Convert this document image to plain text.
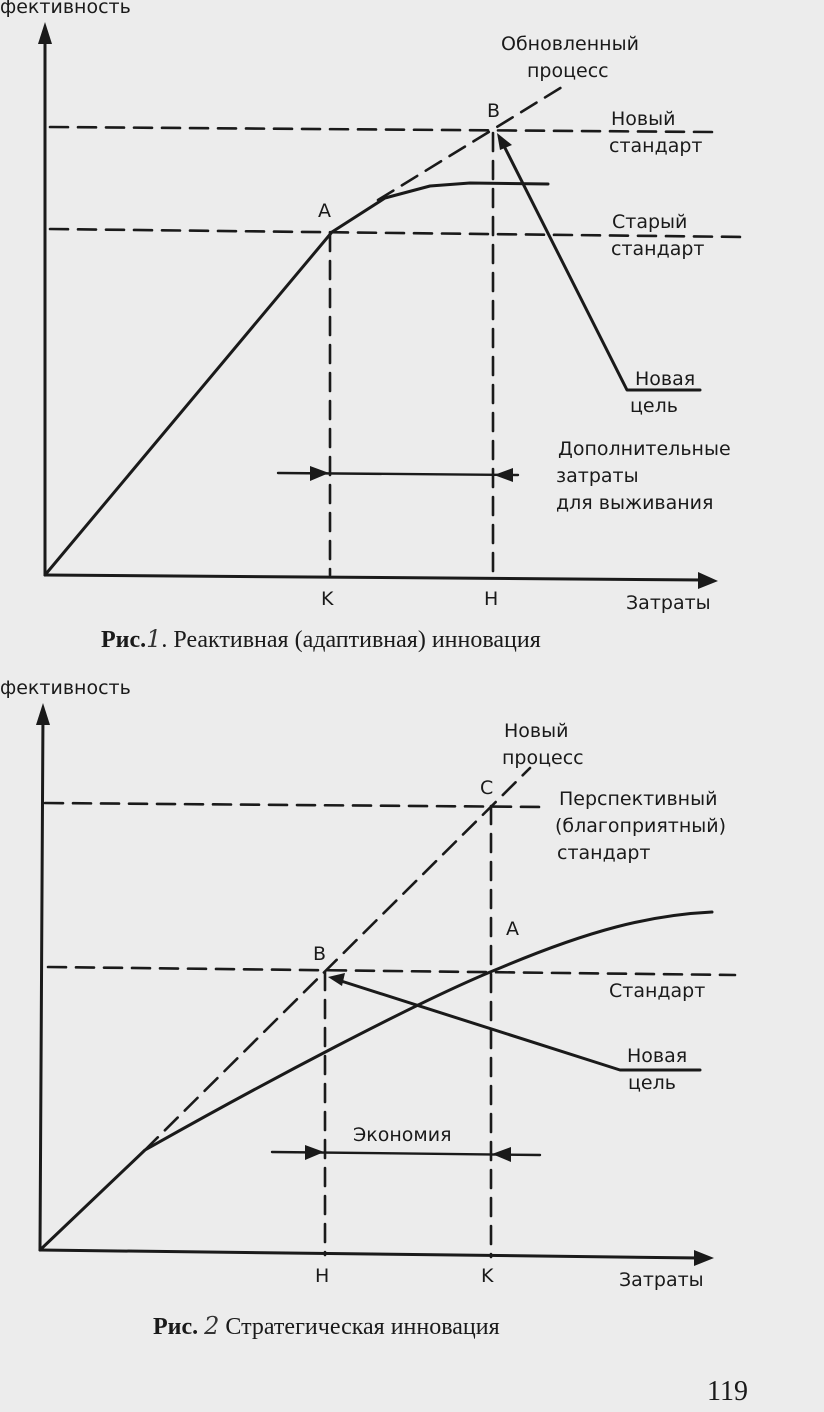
фективность
Обновленный
процесс
B	Новый
стандарт
A	Старый
стандарт
Новая
цель
Дополнительные
затраты
для выживания
K	H	Затраты
Рис.1. Реактивная (адаптивная) инновация
фективность
Новый
процесс
C	Перспективный
(благоприятный)
стандарт
A
B
Стандарт
Новая
цель
Экономия
H	K	Затраты
Рис. 2 Стратегическая инновация
119
